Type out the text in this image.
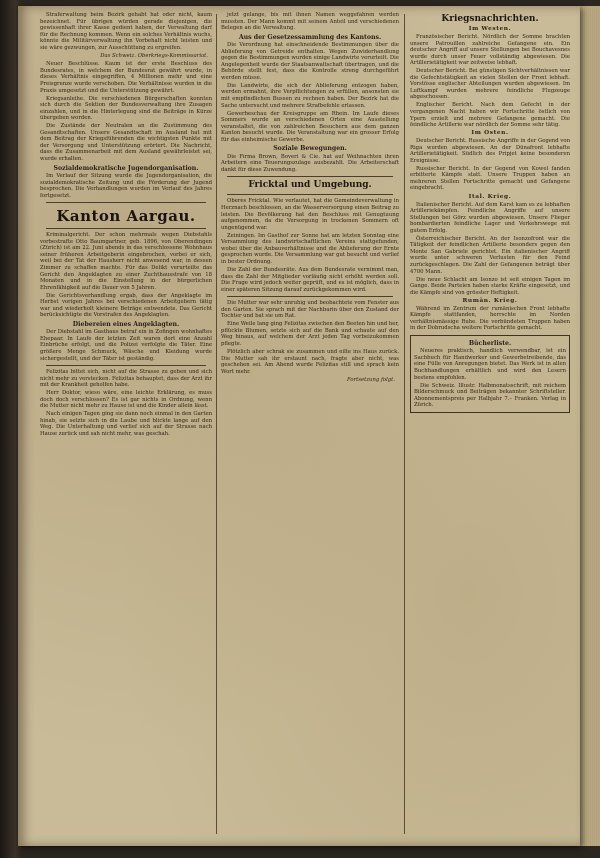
Straferwaltung beim Bezirk gehabt hat oder nicht, kaum bezeichnet. Für übrigen würden gerade diejenigen, die gewissenhaft ihrer Kasse gedient haben, der Verwaltung darf für die Rechnung kommen. Wenn ein solches Verhältnis wuchs, könnte die Militärverwaltung ihn Vorbehalt nicht leisten und sie wäre gezwungen, zur Ausschüttung zu ergreifen.

Das Schweiz. Oberkriegs-Kommissariat.

Neuer Beschlüsse. Kaum ist der erste Beschluss des Bundesrates, in welchem der Bundesrat gewährt wurde, in dieses Verhältnis eingegriffen, 4 Millionen mehr und eine Preisgrenze wurde verschoben. Die Verhältnisse wurden in die Praxis umgesetzt und die Unterstützung gewährt.

Kriegsanleihe. Die verschiedenen Bürgerschaften konnten sich durch die Sektion der Bundesverwaltung ihre Zusagen einzahlen, und in die Hinterlegung sind die Beiträge in Kürze übergeben worden.

Die Zustände der Neutralen an die Zustimmung des Gesandtschaften. Unsere Gesandtschaft im Ausland hat mit dem Beitrag der Kriegsführenden die wichtigsten Punkte mit der Versorgung und Unterstützung erörtert. Die Nachricht, dass die Zusammenarbeit mit dem Ausland gewährleistet sei, wurde erhalten.

Sozialdemokratische Jugendorganisation.

Im Verlauf der Sitzung wurde die Jugendorganisation, die sozialdemokratische Zeitung und die Förderung der Jugend besprochen. Die Verhandlungen wurden im Verlauf des Jahres fortgesetzt.

Kanton Aargau.

Kriminalgericht. Der schon mehrmals wegen Diebstahls vorbestrafte Otto Baumgartner, geb. 1896, von Oberendingen (Zürich) ist am 22. Juni abends in das verschlossene Wohnhaus seiner früheren Arbeitgeberin eingebrochen, vorbei er sich, weil bei der Tat der Hausherr nicht anwesend war, in dessen Zimmer zu schaffen machte. Für das Delikt verurteilte das Gericht den Angeklagten zu einer Zuchthausstrafe von 18 Monaten und in die Einstellung in der bürgerlichen Ehrenfähigkeit auf die Dauer von 5 Jahren.

Die Gerichtsverhandlung ergab, dass der Angeklagte im Herbst vorigen Jahres bei verschiedenen Arbeitgebern tätig war und wiederholt kleinere Beträge entwendete. Das Gericht berücksichtigte die Vorstrafen des Angeklagten.

Diebereien eines Angeklagten.

Der Diebstahl im Gasthaus betraf ein in Zofingen wohnhaftes Ehepaar. In Laufe der letzten Zeit waren dort eine Anzahl Einbrüche erfolgt, und die Polizei verfolgte die Täter. Eine größere Menge Schmuck, Wäsche und Kleidung wurde sichergestellt, und der Täter ist geständig.

Felizitas bittet sich, nicht auf die Strasse zu geben und sich nicht mehr zu verstecken. Felizitas behauptet, dass der Arzt ihr mit der Krankheit geholfen habe.

Herr Doktor, wieso wäre, eine leichte Erklärung, es muss doch doch verschlossen? Es ist gar nichts in Ordnung, wenn die Mutter nicht mehr zu Hause ist und die Kinder allein lässt.

Nach einigen Tagen ging sie dann noch einmal in den Garten hinab, sie setzte sich in die Laube und blickte lange auf den Weg. Die Unterhaltung und verlief sich auf der Strasse nach Hause zurück und sah nicht mehr, was geschah.

jetzt gelange, bis mit ihnen Namen weggefahren werden mussten. Der Mann kommt mit seinem Anteil und verschiedenen Belegen an die Verwaltung.

Aus der Gesetzessammlung des Kantons.

Die Verordnung hat einschneidende Bestimmungen über die Ablieferung von Getreide enthalten. Wegen Zuwiderhandlung gegen die Bestimmungen wurden einige Landwirte verurteilt. Die Angelegenheit wurde der Staatsanwaltschaft übertragen, und die Behörde stellt fest, dass die Kontrolle streng durchgeführt werden müsse.

Die Landwirte, die sich der Ablieferung entzogen haben, werden ermahnt, ihre Verpflichtungen zu erfüllen, ansonsten sie mit empfindlichen Bussen zu rechnen haben. Der Bezirk hat die Sache untersucht und mehrere Strafbefehle erlassen.

Gewerbeschau der Kreisgruppe am Rhein. Im Laufe dieses Sommers wurde an verschiedenen Orten eine Ausstellung veranstaltet, die von zahlreichen Besuchern aus dem ganzen Kanton besucht wurde. Die Veranstaltung war ein grosser Erfolg für das einheimische Gewerbe.

Soziale Bewegungen.

Die Firma Brown, Boveri & Cie. hat auf Weihnachten ihren Arbeitern eine Teuerungszulage ausbezahlt. Die Arbeiterschaft dankt für diese Zuwendung.

Fricktal und Umgebung.

Oberes Fricktal. Wie verlautet, hat die Gemeindeverwaltung in Herznach beschlossen, an die Wasserversorgung einen Beitrag zu leisten. Die Bevölkerung hat den Beschluss mit Genugtuung aufgenommen, da die Versorgung in trockenen Sommern oft ungenügend war.

Zeiningen. Im Gasthof zur Sonne hat am letzten Sonntag eine Versammlung des landwirtschaftlichen Vereins stattgefunden, wobei über die Anbauverhältnisse und die Ablieferung der Ernte gesprochen wurde. Die Versammlung war gut besucht und verlief in bester Ordnung.

Die Zahl der Bundesräte. Aus dem Bundesrate vernimmt man, dass die Zahl der Mitglieder vorläufig nicht erhöht werden soll. Die Frage wird jedoch weiter geprüft, und es ist möglich, dass in einer späteren Sitzung darauf zurückgekommen wird.

Die Mutter war sehr unruhig und beobachtete vom Fenster aus den Garten. Sie sprach mit der Nachbarin über den Zustand der Tochter und bat sie um Rat.

Eine Weile lang ging Felizitas zwischen den Beeten hin und her, pflückte Blumen, setzte sich auf die Bank und schaute auf den Weg hinaus, auf welchem der Arzt jeden Tag vorbeizukommen pflegte.

Plötzlich aber schrak sie zusammen und eilte ins Haus zurück. Die Mutter sah ihr erstaunt nach, fragte aber nicht, was geschehen sei. Am Abend wurde Felizitas still und sprach kein Wort mehr.

Fortsetzung folgt.
Kriegsnachrichten.
Im Westen.

Französischer Bericht. Nördlich der Somme brachten unsere Patrouillen zahlreiche Gefangene ein. Ein deutscher Angriff auf unsere Stellungen bei Bouchavesnes wurde durch unser Feuer vollständig abgewiesen. Die Artillerietätigkeit war zeitweise lebhaft.

Deutscher Bericht. Bei günstigen Sichtverhältnissen war die Gefechtstätigkeit an vielen Stellen der Front lebhaft. Vorstösse englischer Abteilungen wurden abgewiesen. Im Luftkampf wurden mehrere feindliche Flugzeuge abgeschossen.

Englischer Bericht. Nach dem Gefecht in der vergangenen Nacht haben wir Fortschritte östlich von Ypern erzielt und mehrere Gefangene gemacht. Die feindliche Artillerie war nördlich der Somme sehr tätig.

Im Osten.

Deutscher Bericht. Russische Angriffe in der Gegend von Riga wurden abgewiesen. An der Dünafront lebhafte Artillerietätigkeit. Südlich des Pripjet keine besonderen Ereignisse.

Russischer Bericht. In der Gegend von Kowel fanden erbitterte Kämpfe statt. Unsere Truppen haben an mehreren Stellen Fortschritte gemacht und Gefangene eingebracht.

Ital. Krieg.

Italienischer Bericht. Auf dem Karst kam es zu lebhaften Artilleriekämpfen. Feindliche Angriffe auf unsere Stellungen bei Görz wurden abgewiesen. Unsere Flieger bombardierten feindliche Lager und Verkehrswege mit gutem Erfolg.

Österreichischer Bericht. An der Isonzofront war die Tätigkeit der feindlichen Artillerie besonders gegen den Monte San Gabriele gerichtet. Ein italienischer Angriff wurde unter schweren Verlusten für den Feind zurückgeschlagen. Die Zahl der Gefangenen beträgt über 4700 Mann.

Die neue Schlacht am Isonzo ist seit einigen Tagen im Gange. Beide Parteien haben starke Kräfte eingesetzt, und die Kämpfe sind von grösster Heftigkeit.

Rumän. Krieg.

Während im Zentrum der rumänischen Front lebhafte Kämpfe stattfanden, herrschte im Norden verhältnismässige Ruhe. Die verbündeten Truppen haben in der Dobrudscha weitere Fortschritte gemacht.

Bücherliste.

Neueres praktisch, handlich verwendbar, ist ein Sachbuch für Handwerker und Gewerbetreibende, das eine Fülle von Anregungen bietet. Das Werk ist in allen Buchhandlungen erhältlich und wird den Lesern bestens empfohlen.

Die Schweiz. Illustr. Halbmonatsschrift, mit reichem Bilderschmuck und Beiträgen bekannter Schriftsteller. Abonnementspreis per Halbjahr 7.– Franken. Verlag in Zürich.
